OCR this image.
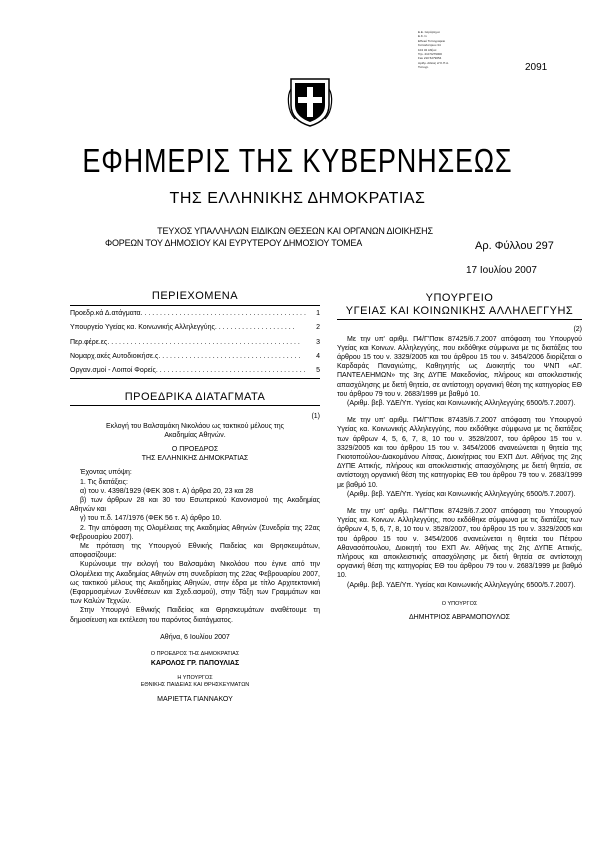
Ε.Ε. παράρτημα
Ε.Κ. Ιv
Εθνικό Τυπογραφείο
Καποδιστρίου 34
104 32 Αθήνα
Τηλ. 210 5279000
Fax 210 5279054
Αριθμ. Αδείας 2/ Κ.Π.Α.
Τυπογρ.	2091
ΕΦΗΜΕΡΙΣ ΤΗΣ ΚΥΒΕΡΝΗΣΕΩΣ
ΤΗΣ ΕΛΛΗΝΙΚΗΣ ΔΗΜΟΚΡΑΤΙΑΣ
ΤΕΥΧΟΣ ΥΠΑΛΛΗΛΩΝ ΕΙΔΙΚΩΝ ΘΕΣΕΩΝ ΚΑΙ ΟΡΓΑΝΩΝ ΔΙΟΙΚΗΣΗΣ
ΦΟΡΕΩΝ ΤΟΥ ΔΗΜΟΣΙΟΥ ΚΑΙ ΕΥΡΥΤΕΡΟΥ ΔΗΜΟΣΙΟΥ ΤΟΜΕΑ	Αρ. Φύλλου 297
17 Ιουλίου 2007
ΠΕΡΙΕΧΟΜΕΝΑ
Προεδρ.κά Δ.ατάγματα . . . . . . . . . . . . . . . . . . . . . . . . . . . . . . . . . . . . . . . . . . .	1
Υπουργείο Υγείας κα. Κοινωνικής Αλληλεγγύης . . . . . . . . . . . . . . . . . . . . .	2
Περ.φέρε.ες . . . . . . . . . . . . . . . . . . . . . . . . . . . . . . . . . . . . . . . . . . . . . . . . . .	3
Νομαρχ.ακές Αυτοδιοικήσε.ς . . . . . . . . . . . . . . . . . . . . . . . . . . . . . . . . . . . . .	4
Οργαν.σμοί - Λοιποί Φορείς . . . . . . . . . . . . . . . . . . . . . . . . . . . . . . . . . . . . . . .	5
ΠΡΟΕΔΡΙΚΑ ΔΙΑΤΑΓΜΑΤΑ

(1)

Εκλογή του Βαλσαμάκη Νικολάου ως τακτικού μέλους της Ακαδημίας Αθηνών.

Ο ΠΡΟΕΔΡΟΣ

ΤΗΣ ΕΛΛΗΝΙΚΗΣ ΔΗΜΟΚΡΑΤΙΑΣ

Έχοντας υπόψη:

1. Τις διατάξεις:

α) του ν. 4398/1929 (ΦΕΚ 308 τ. Α) άρθρα 20, 23 και 28

β) των άρθρων 28 και 30 του Εσωτερικού Κανονισμού της Ακαδημίας Αθηνών και

γ) του π.δ. 147/1976 (ΦΕΚ 56 τ. Α) άρθρο 10.

2. Την απόφαση της Ολομέλειας της Ακαδημίας Αθηνών (Συνεδρία της 22ας Φεβρουαρίου 2007).

Με πρόταση της Υπουργού Εθνικής Παιδείας και Θρησκευμάτων, αποφασίζουμε:

Κυρώνουμε την εκλογή του Βαλσαμάκη Νικολάου που έγινε από την Ολομέλεια της Ακαδημίας Αθηνών στη συνεδρίαση της 22ας Φεβρουαρίου 2007, ως τακτικού μέλους της Ακαδημίας Αθηνών, στην έδρα με τίτλο Αρχιτεκτονική (Εφαρμοσμένων Συνθέσεων και Σχεδ.ασμού), στην Τάξη των Γραμμάτων και των Καλών Τεχνών.

Στην Υπουργό Εθνικής Παιδείας και Θρησκευμάτων αναθέτουμε τη δημοσίευση και εκτέλεση του παρόντος διατάγματος.

Αθήνα, 6 Ιουλίου 2007

Ο ΠΡΟΕΔΡΟΣ ΤΗΣ ΔΗΜΟΚΡΑΤΙΑΣ

ΚΑΡΟΛΟΣ ΓΡ. ΠΑΠΟΥΛΙΑΣ

Η ΥΠΟΥΡΓΟΣ

ΕΘΝΙΚΗΣ ΠΑΙΔΕΙΑΣ ΚΑΙ ΘΡΗΣΚΕΥΜΑΤΩΝ

ΜΑΡΙΕΤΤΑ ΓΙΑΝΝΑΚΟΥ

ΥΠΟΥΡΓΕΙΟ
ΥΓΕΙΑΣ ΚΑΙ ΚΟΙΝΩΝΙΚΗΣ ΑΛΛΗΛΕΓΓΥΗΣ

(2)

Με την υπ' αριθμ. Π4/Γ'Πσικ 87425/6.7.2007 απόφαση του Υπουργού Υγείας και Κοινων. Αλληλεγγύης, που εκδόθηκε σύμφωνα με τις διατάξεις του άρθρου 15 του ν. 3329/2005 και του άρθρου 15 του ν. 3454/2006 διορίζεται ο Καρδαράς Παναγιώτης, Καθηγητής ως Διοικητής του ΨΝΠ «ΑΓ. ΠΑΝΤΕΛΕΗΜΩΝ» της 3ης ΔΥΠΕ Μακεδονίας, πλήρους και αποκλειστικής απασχόλησης με διετή θητεία, σε αντίστοιχη οργανική θέση της κατηγορίας ΕΘ του άρθρου 79 του ν. 2683/1999 με βαθμό 10.

(Αριθμ. βεβ. ΥΔΕ/Υπ. Υγείας και Κοινωνικής Αλληλεγγύης 6500/5.7.2007).

Με την υπ' αριθμ. Π4/Γ'Πσικ 87435/6.7.2007 απόφαση του Υπουργού Υγείας κα. Κοινωνικής Αλληλεγγύης, που εκδόθηκε σύμφωνα με τις διατάξεις των άρθρων 4, 5, 6, 7, 8, 10 του ν. 3528/2007, του άρθρου 15 του ν. 3329/2005 και του άρθρου 15 του ν. 3454/2006 ανανεώνεται η θητεία της Γκιοτοπούλου-Διακομάνου Λίτσας, Διοικήτριας του ΕΧΠ Δυτ. Αθήνας της 2ης ΔΥΠΕ Αττικής, πλήρους και αποκλειστικής απασχόλησης με διετή θητεία, σε αντίστοιχη οργανική θέση της κατηγορίας ΕΘ του άρθρου 79 του ν. 2683/1999 με βαθμό 10.

(Αριθμ. βεβ. ΥΔΕ/Υπ. Υγείας και Κοινωνικής Αλληλεγγύης 6500/5.7.2007).

Με την υπ' αριθμ. Π4/Γ'Πσικ 87429/6.7.2007 απόφαση του Υπουργού Υγείας κα. Κοινων. Αλληλεγγύης, που εκδόθηκε σύμφωνα με τις διατάξεις των άρθρων 4, 5, 6, 7, 8, 10 του ν. 3528/2007, του άρθρου 15 του ν. 3329/2005 και του άρθρου 15 του ν. 3454/2006 ανανεώνεται η θητεία του Πέτρου Αθανασόπουλου, Διοικητή του ΕΧΠ Αν. Αθήνας της 2ης ΔΥΠΕ Αττικής, πλήρους και αποκλειστικής απασχόλησης με διετή θητεία σε αντίστοιχη οργανική θέση της κατηγορίας ΕΘ του άρθρου 79 του ν. 2683/1999 με βαθμό 10.

(Αριθμ. βεβ. ΥΔΕ/Υπ. Υγείας και Κοινωνικής Αλληλεγγύης 6500/5.7.2007).

Ο ΥΠΟΥΡΓΟΣ

ΔΗΜΗΤΡΙΟΣ ΑΒΡΑΜΟΠΟΥΛΟΣ
